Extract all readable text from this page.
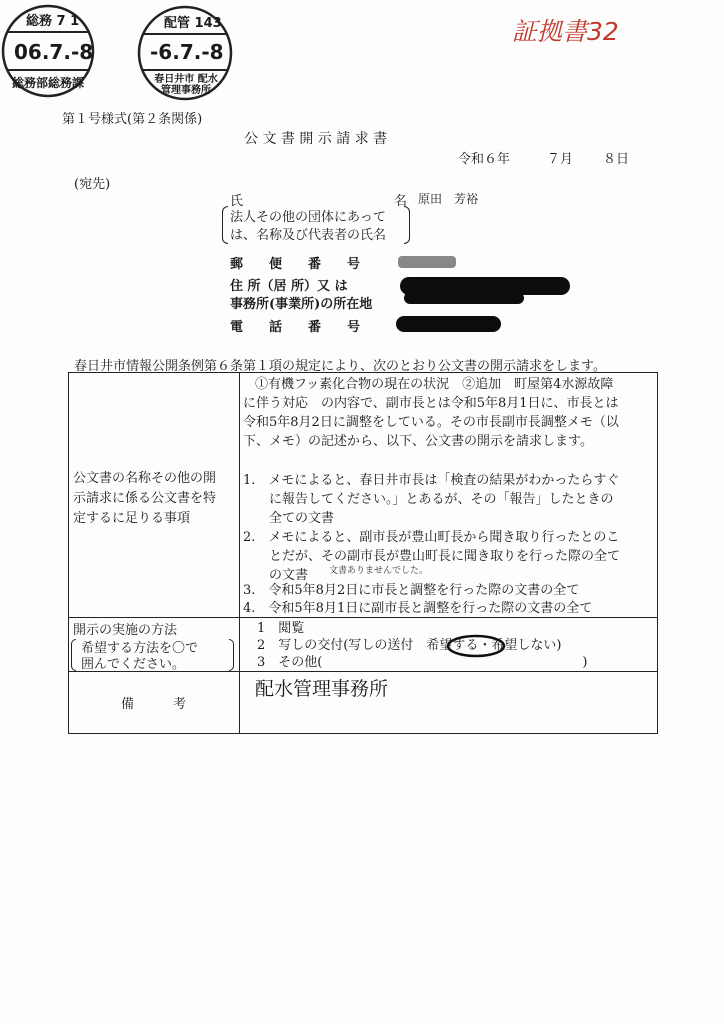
総務 7 1
06.7.-8
総務部総務課
配管 143
-6.7.-8
春日井市 配水管理事務所
証拠書32
第１号様式(第２条関係)
公 文 書 開 示 請 求 書
令和６年	７月 ８日
(宛先)
氏	名 原田　芳裕
法人その他の団体にあって
は、名称及び代表者の氏名
郵　　便　　番　　号
住 所（居 所）又 は
事務所(事業所)の所在地
電　　話　　番　　号
春日井市情報公開条例第６条第１項の規定により、次のとおり公文書の開示請求をします。
公文書の名称その他の開
示請求に係る公文書を特
定するに足りる事項
①有機フッ素化合物の現在の状況　②追加　町屋第4水源故障
に伴う対応　の内容で、副市長とは令和5年8月1日に、市長とは
令和5年8月2日に調整をしている。その市長副市長調整メモ（以
下、メモ）の記述から、以下、公文書の開示を請求します。
1.　メモによると、春日井市長は「検査の結果がわかったらすぐ
　　に報告してください。」とあるが、その「報告」したときの
　　全ての文書
2.　メモによると、副市長が豊山町長から聞き取り行ったとのこ
　　とだが、その副市長が豊山町長に聞き取りを行った際の全て
　　の文書 文書ありませんでした。
3.　令和5年8月2日に市長と調整を行った際の文書の全て
4.　令和5年8月1日に副市長と調整を行った際の文書の全て
開示の実施の方法
希望する方法を〇で
囲んでください。
1　閲覧
2　写しの交付(写しの送付　希望する・希望しない)
3　その他(　　　　　　　　　　　　　　　　　　　　)
備　　　考
配水管理事務所
